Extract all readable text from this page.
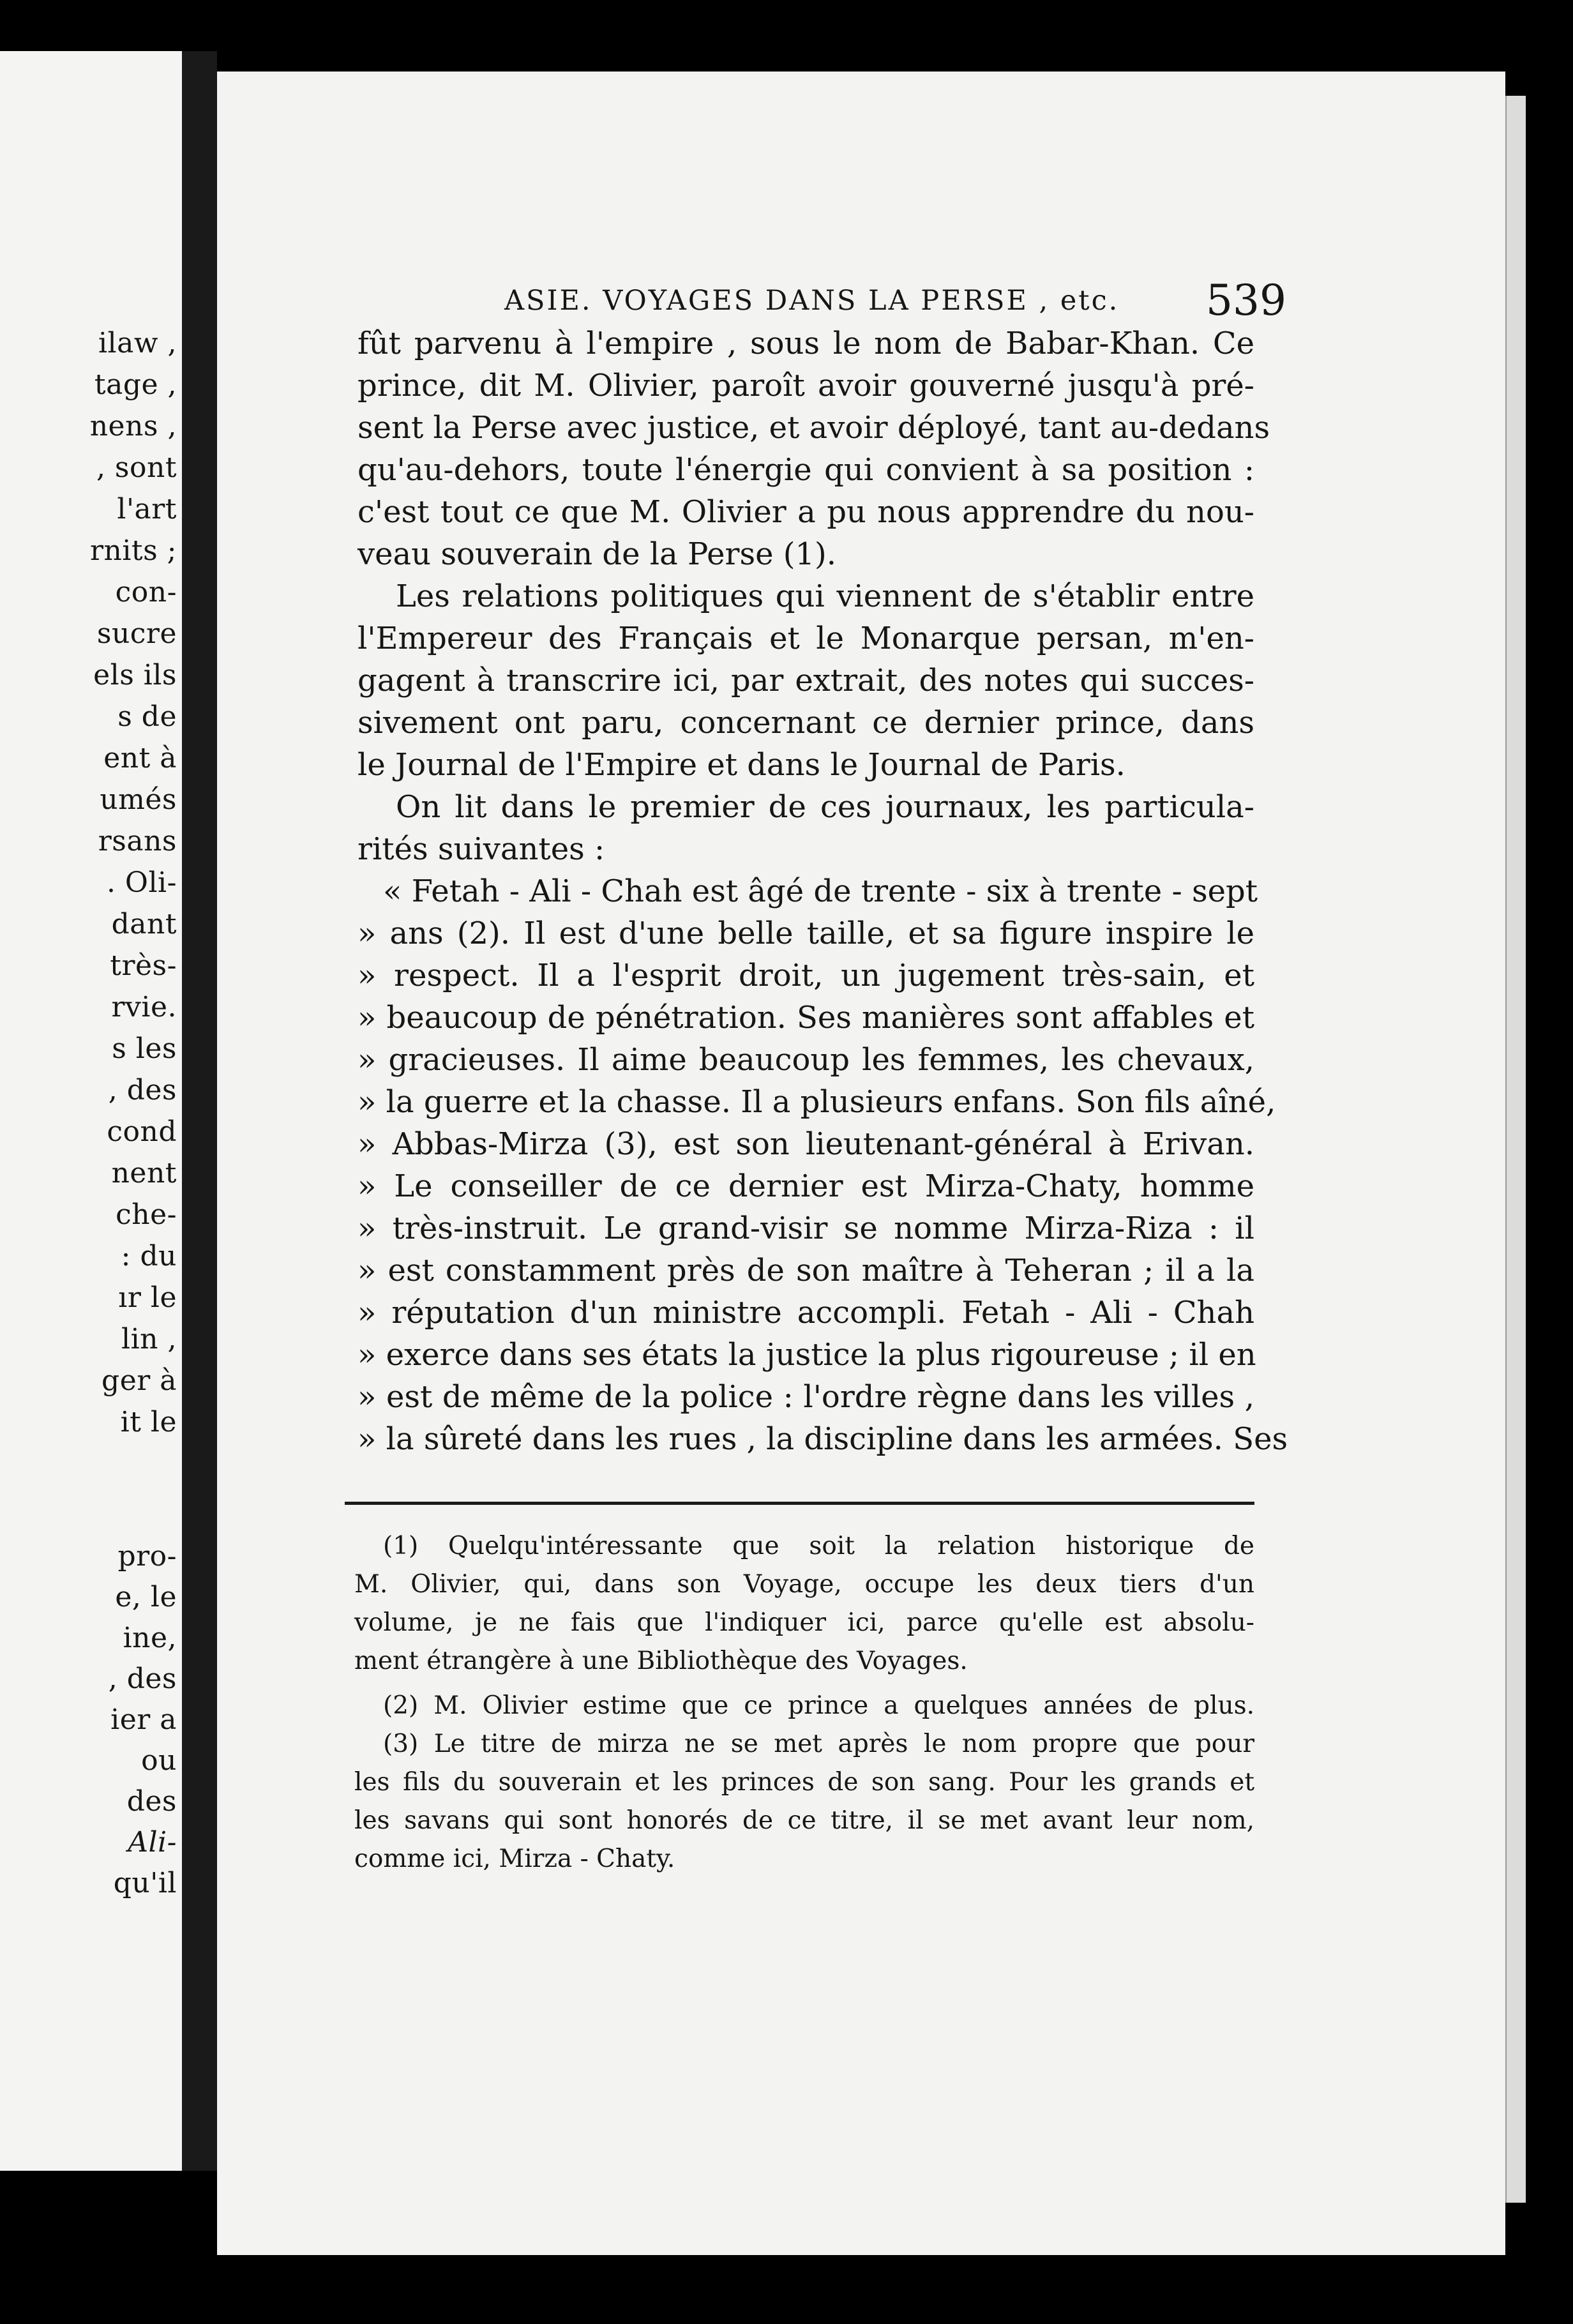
ilaw ,
tage ,
nens ,
, sont
l'art
rnits ;
con-
sucre
els ils
s de
ent à
umés
rsans
. Oli-
dant
très-
rvie.
s les
, des
cond
nent
che-
: du
ır le
lin ,
ger à
it le
pro-
e, le
ine,
, des
ier a
ou
des
Ali-
qu'il
ASIE. VOYAGES DANS LA PERSE , etc. 539
fût parvenu à l'empire , sous le nom de Babar-Khan. Ce
prince, dit M. Olivier, paroît avoir gouverné jusqu'à pré-
sent la Perse avec justice, et avoir déployé, tant au-dedans
qu'au-dehors, toute l'énergie qui convient à sa position :
c'est tout ce que M. Olivier a pu nous apprendre du nou-
veau souverain de la Perse (1).
Les relations politiques qui viennent de s'établir entre
l'Empereur des Français et le Monarque persan, m'en-
gagent à transcrire ici, par extrait, des notes qui succes-
sivement ont paru, concernant ce dernier prince, dans
le Journal de l'Empire et dans le Journal de Paris.
On lit dans le premier de ces journaux, les particula-
rités suivantes :
« Fetah - Ali - Chah est âgé de trente - six à trente - sept
» ans (2). Il est d'une belle taille, et sa figure inspire le
» respect. Il a l'esprit droit, un jugement très-sain, et
» beaucoup de pénétration. Ses manières sont affables et
» gracieuses. Il aime beaucoup les femmes, les chevaux,
» la guerre et la chasse. Il a plusieurs enfans. Son fils aîné,
» Abbas-Mirza (3), est son lieutenant-général à Erivan.
» Le conseiller de ce dernier est Mirza-Chaty, homme
» très-instruit. Le grand-visir se nomme Mirza-Riza : il
» est constamment près de son maître à Teheran ; il a la
» réputation d'un ministre accompli. Fetah - Ali - Chah
» exerce dans ses états la justice la plus rigoureuse ; il en
» est de même de la police : l'ordre règne dans les villes ,
» la sûreté dans les rues , la discipline dans les armées. Ses
(1) Quelqu'intéressante que soit la relation historique de
M. Olivier, qui, dans son Voyage, occupe les deux tiers d'un
volume, je ne fais que l'indiquer ici, parce qu'elle est absolu-
ment étrangère à une Bibliothèque des Voyages.
(2) M. Olivier estime que ce prince a quelques années de plus.
(3) Le titre de mirza ne se met après le nom propre que pour
les fils du souverain et les princes de son sang. Pour les grands et
les savans qui sont honorés de ce titre, il se met avant leur nom,
comme ici, Mirza - Chaty.
